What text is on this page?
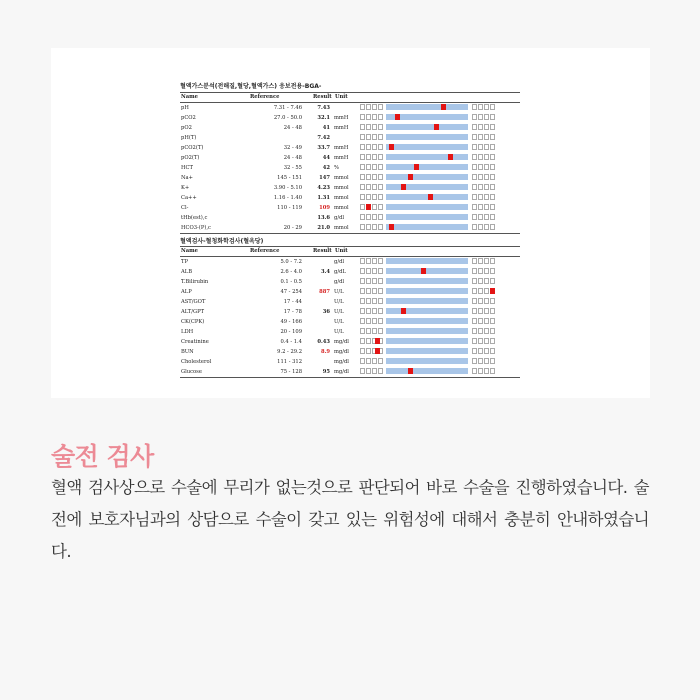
혈액가스분석(전해질,혈당,혈액가스) 응보전용-BGA-
Name	Reference	Result Unit
pH	7.31 - 7.46	7.43
pCO2	27.0 - 50.0	32.1 mmH
pO2	24 - 48	41 mmH
pH(T)	7.42
pCO2(T)	32 - 49	33.7 mmH
pO2(T)	24 - 48	44 mmH
HCT	32 - 55	42 %
Na+	145 - 151	147 mmol
K+	3.90 - 5.10	4.23 mmol
Ca++	1.16 - 1.40	1.31 mmol
Cl-	110 - 119	109 mmol
tHb(est),c	13.6 g/dl
HCO3-(P),c	20 - 29	21.0 mmol
혈액검사-혈청화학검사(혈옥당)
Name	Reference	Result Unit
TP	5.0 - 7.2	g/dl
ALB	2.6 - 4.0	3.4 g/dL
T.Bilirubin	0.1 - 0.5	g/dl
ALP	47 - 254	887 U/L
AST/GOT	17 - 44	U/L
ALT/GPT	17 - 78	36 U/L
CK(CPK)	49 - 166	U/L
LDH	20 - 109	U/L
Creatinine	0.4 - 1.4	0.43 mg/dl
BUN	9.2 - 29.2	8.9 mg/dl
Cholesterol	111 - 312	mg/dl
Glucose	75 - 128	95 mg/dl
술전 검사
혈액 검사상으로 수술에 무리가 없는것으로 판단되어 바로 수술을 진행하였습니다. 술전에 보호자님과의 상담으로 수술이 갖고 있는 위험성에 대해서 충분히 안내하였습니다.
